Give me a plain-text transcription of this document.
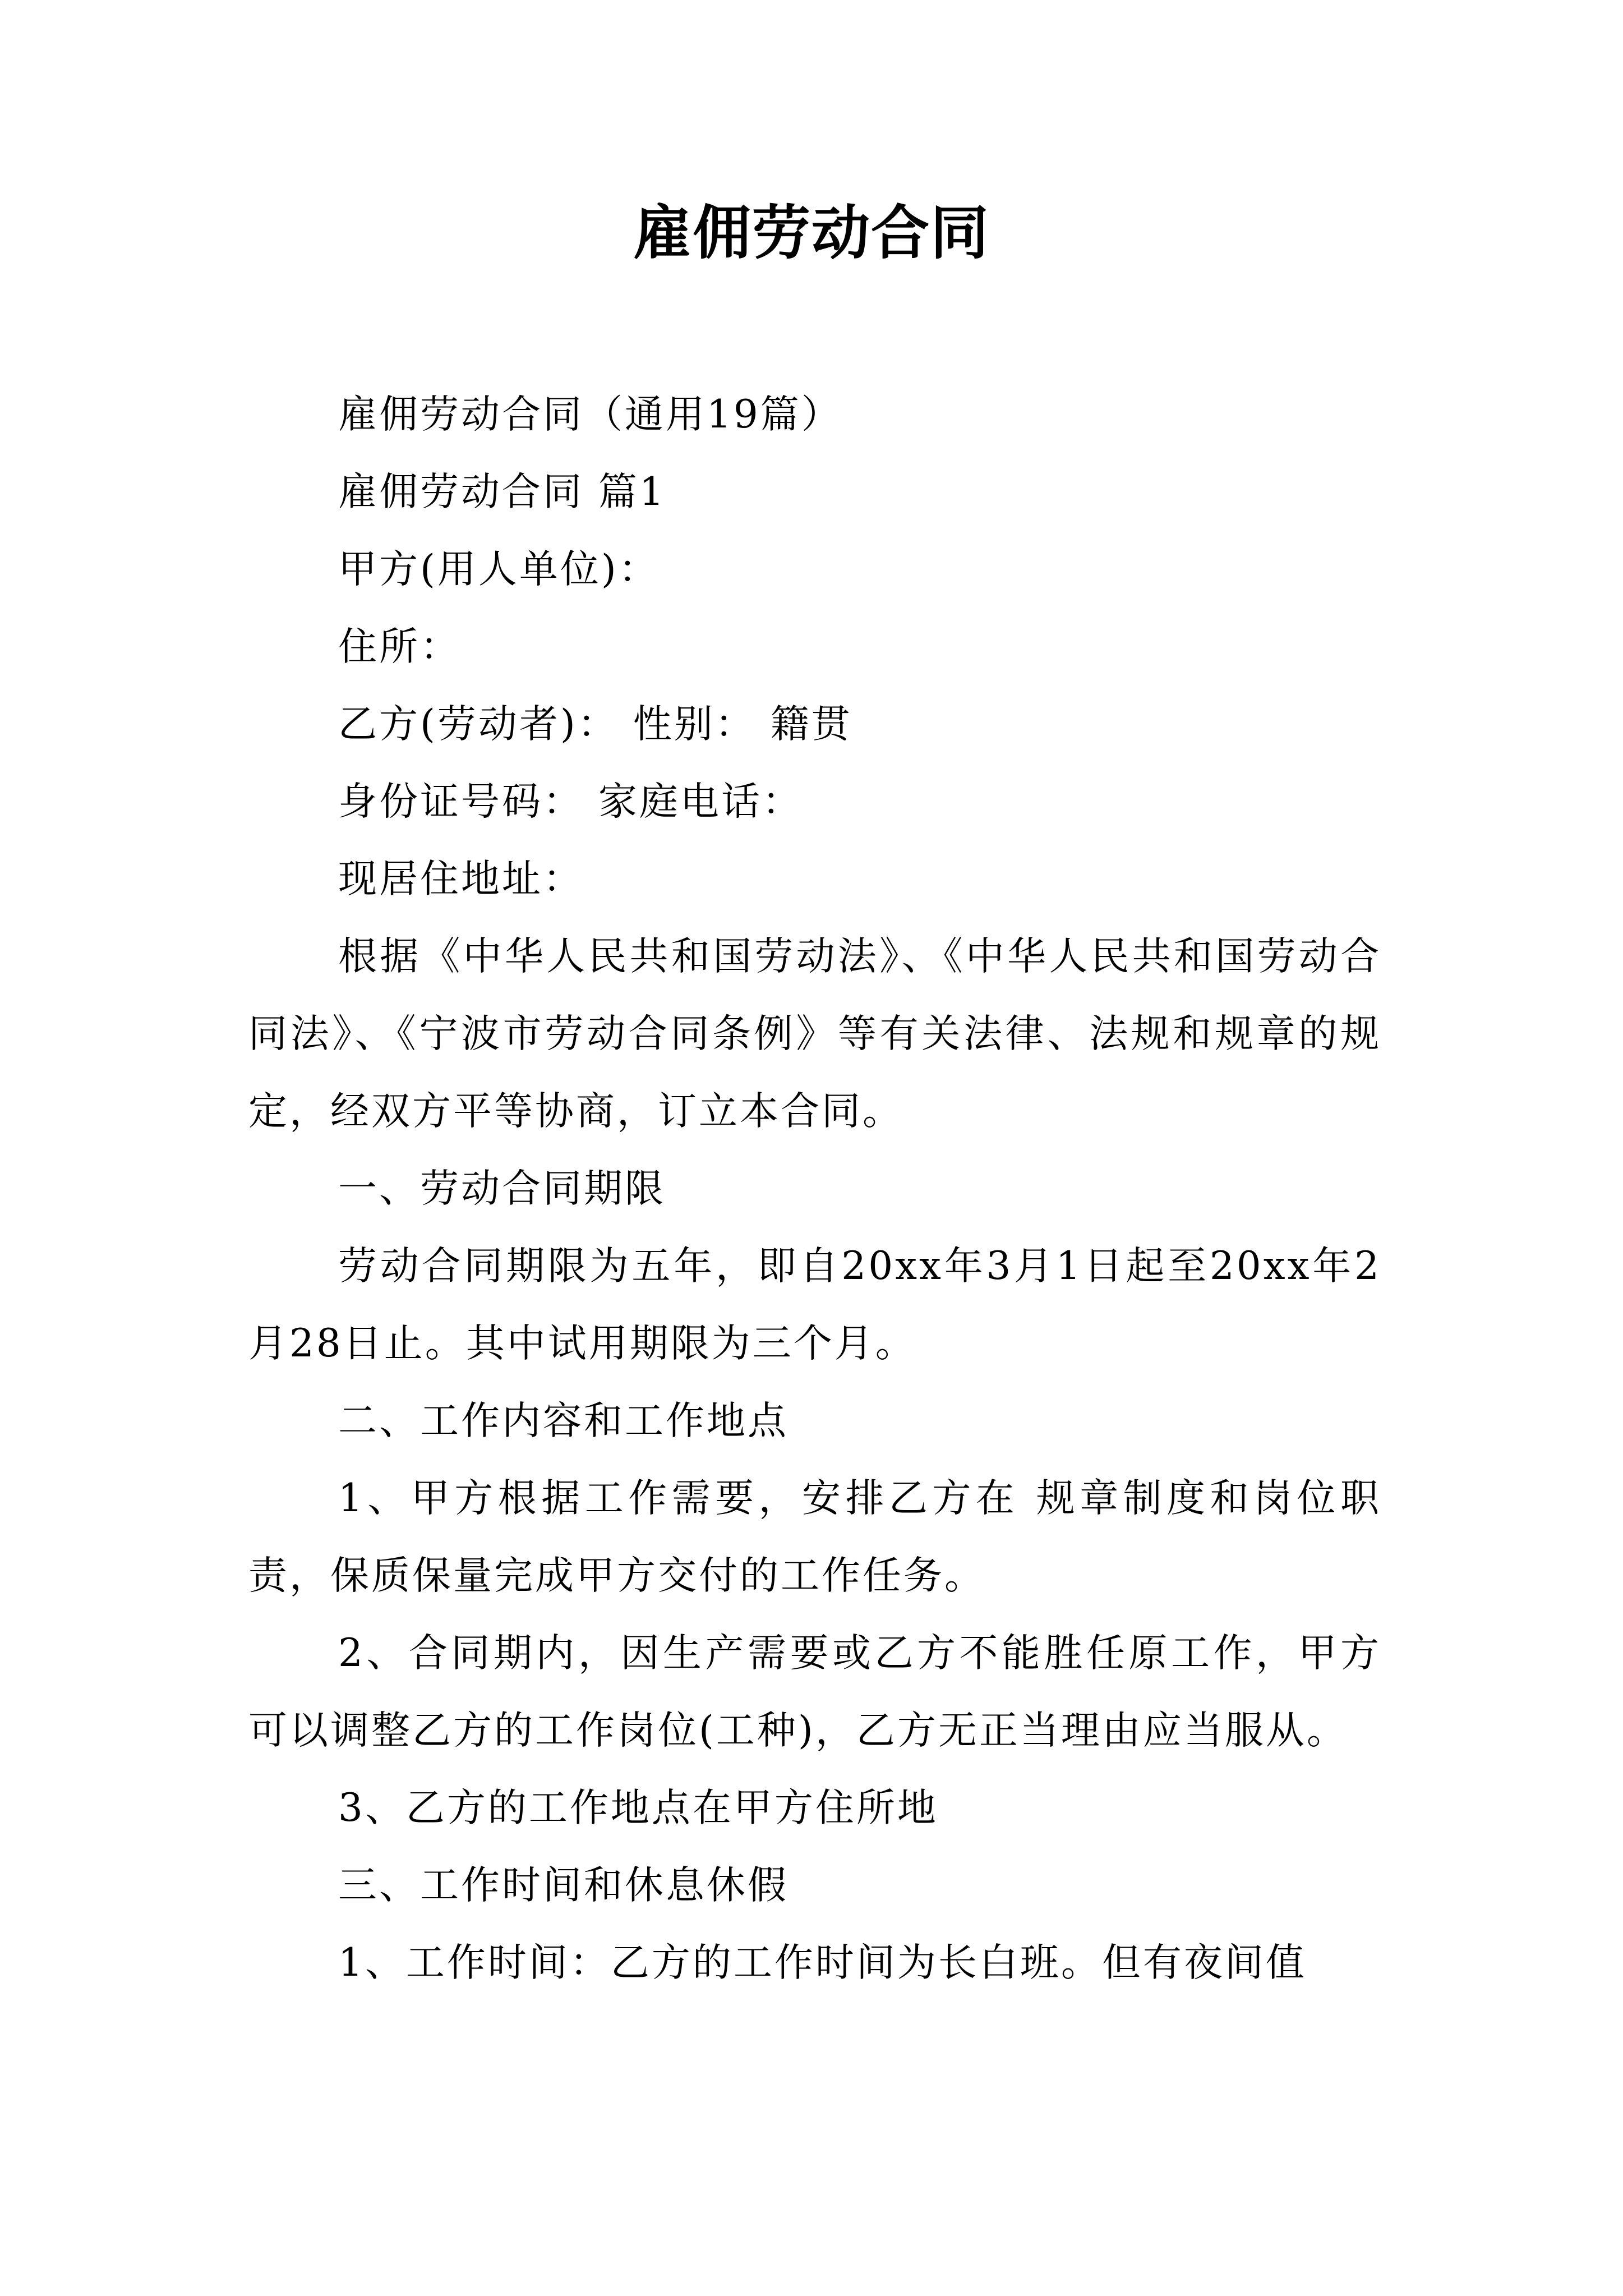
雇佣劳动合同

雇佣劳动合同（通用19篇）

雇佣劳动合同 篇1

甲方(用人单位)：

住所：

乙方(劳动者)： 性别： 籍贯

身份证号码： 家庭电话：

现居住地址：

根据《中华人民共和国劳动法》、《中华人民共和国劳动合同法》、《宁波市劳动合同条例》等有关法律、法规和规章的规定，经双方平等协商，订立本合同。

一、劳动合同期限

劳动合同期限为五年，即自20xx年3月1日起至20xx年2月28日止。其中试用期限为三个月。

二、工作内容和工作地点

1、甲方根据工作需要，安排乙方在 规章制度和岗位职责，保质保量完成甲方交付的工作任务。

2、合同期内，因生产需要或乙方不能胜任原工作，甲方可以调整乙方的工作岗位(工种)，乙方无正当理由应当服从。

3、乙方的工作地点在甲方住所地

三、工作时间和休息休假

1、工作时间：乙方的工作时间为长白班。但有夜间值
